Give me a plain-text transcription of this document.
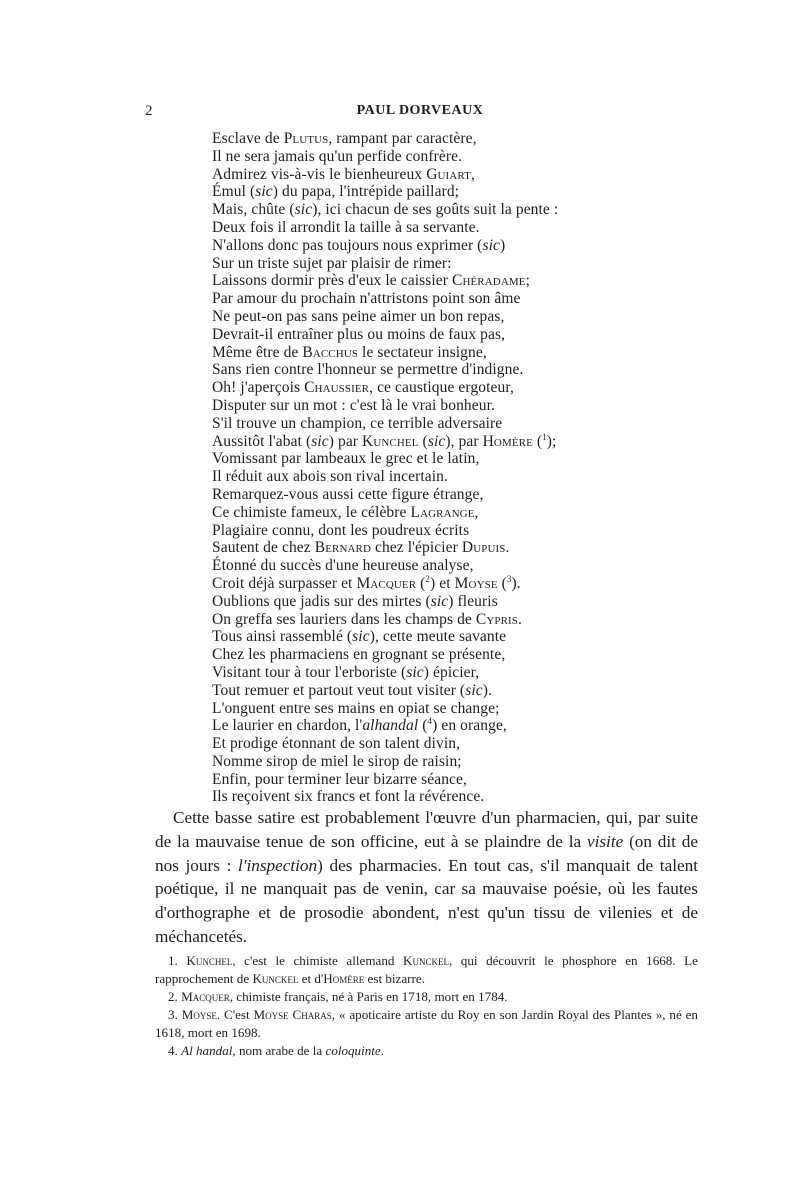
2	PAUL DORVEAUX
Esclave de Plutus, rampant par caractère,
Il ne sera jamais qu'un perfide confrère.
Admirez vis-à-vis le bienheureux Guiart,
Émul (sic) du papa, l'intrépide paillard;
Mais, chûte (sic), ici chacun de ses goûts suit la pente :
Deux fois il arrondit la taille à sa servante.
N'allons donc pas toujours nous exprimer (sic)
Sur un triste sujet par plaisir de rimer:
Laissons dormir près d'eux le caissier Chéradame;
Par amour du prochain n'attristons point son âme
Ne peut-on pas sans peine aimer un bon repas,
Devrait-il entraîner plus ou moins de faux pas,
Même être de Bacchus le sectateur insigne,
Sans rien contre l'honneur se permettre d'indigne.
Oh! j'aperçois Chaussier, ce caustique ergoteur,
Disputer sur un mot : c'est là le vrai bonheur.
S'il trouve un champion, ce terrible adversaire
Aussitôt l'abat (sic) par Kunchel (sic), par Homère ($^1$);
Vomissant par lambeaux le grec et le latin,
Il réduit aux abois son rival incertain.
Remarquez-vous aussi cette figure étrange,
Ce chimiste fameux, le célèbre Lagrange,
Plagiaire connu, dont les poudreux écrits
Sautent de chez Bernard chez l'épicier Dupuis.
Étonné du succès d'une heureuse analyse,
Croit déjà surpasser et Macquer ($^2$) et Moyse ($^3$).
Oublions que jadis sur des mirtes (sic) fleuris
On greffa ses lauriers dans les champs de Cypris.
Tous ainsi rassemblé (sic), cette meute savante
Chez les pharmaciens en grognant se présente,
Visitant tour à tour l'erboriste (sic) épicier,
Tout remuer et partout veut tout visiter (sic).
L'onguent entre ses mains en opiat se change;
Le laurier en chardon, l'alhandal ($^4$) en orange,
Et prodige étonnant de son talent divin,
Nomme sirop de miel le sirop de raisin;
Enfin, pour terminer leur bizarre séance,
Ils reçoivent six francs et font la révérence.

Cette basse satire est probablement l'œuvre d'un pharmacien, qui, par suite de la mauvaise tenue de son officine, eut à se plaindre de la visite (on dit de nos jours : l'inspection) des pharmacies. En tout cas, s'il manquait de talent poétique, il ne manquait pas de venin, car sa mauvaise poésie, où les fautes d'orthographe et de prosodie abondent, n'est qu'un tissu de vilenies et de méchancetés.

1. Kunchel, c'est le chimiste allemand Kunckel, qui découvrit le phosphore en 1668. Le rapprochement de Kunckel et d'Homère est bizarre.

2. Macquer, chimiste français, né à Paris en 1718, mort en 1784.

3. Moyse. C'est Moyse Charas, « apoticaire artiste du Roy en son Jardin Royal des Plantes », né en 1618, mort en 1698.

4. Al handal, nom arabe de la coloquinte.
